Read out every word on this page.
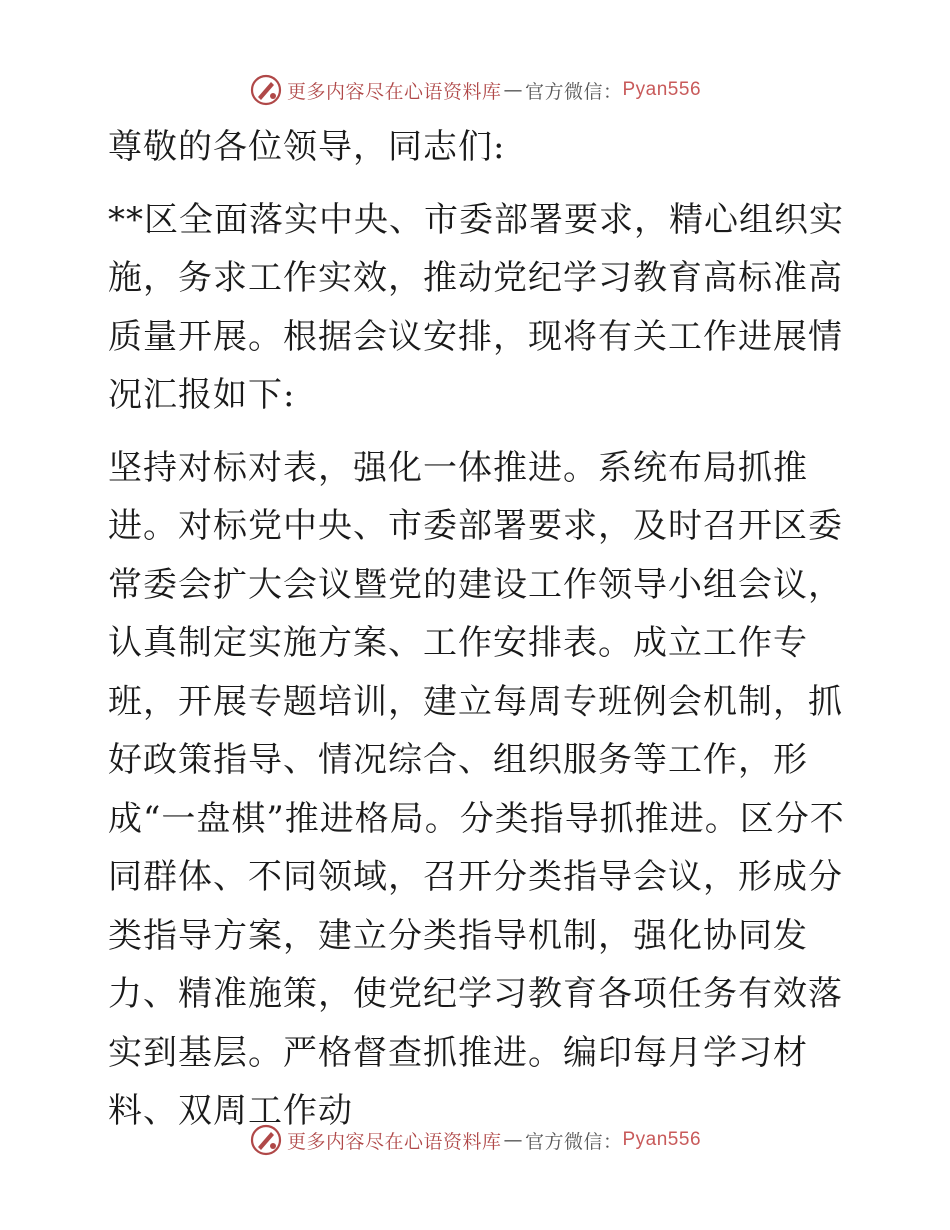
更多内容尽在心语资料库 — 官方微信： Pyan556

尊敬的各位领导，同志们:

**区全面落实中央、市委部署要求，精心组织实施，务求工作实效，推动党纪学习教育高标准高质量开展。根据会议安排，现将有关工作进展情况汇报如下:

坚持对标对表，强化一体推进。系统布局抓推进。对标党中央、市委部署要求，及时召开区委常委会扩大会议暨党的建设工作领导小组会议，认真制定实施方案、工作安排表。成立工作专班，开展专题培训，建立每周专班例会机制，抓好政策指导、情况综合、组织服务等工作，形成“一盘棋”推进格局。分类指导抓推进。区分不同群体、不同领域，召开分类指导会议，形成分类指导方案，建立分类指导机制，强化协同发力、精准施策，使党纪学习教育各项任务有效落实到基层。严格督查抓推进。编印每月学习材料、双周工作动

更多内容尽在心语资料库 — 官方微信： Pyan556
